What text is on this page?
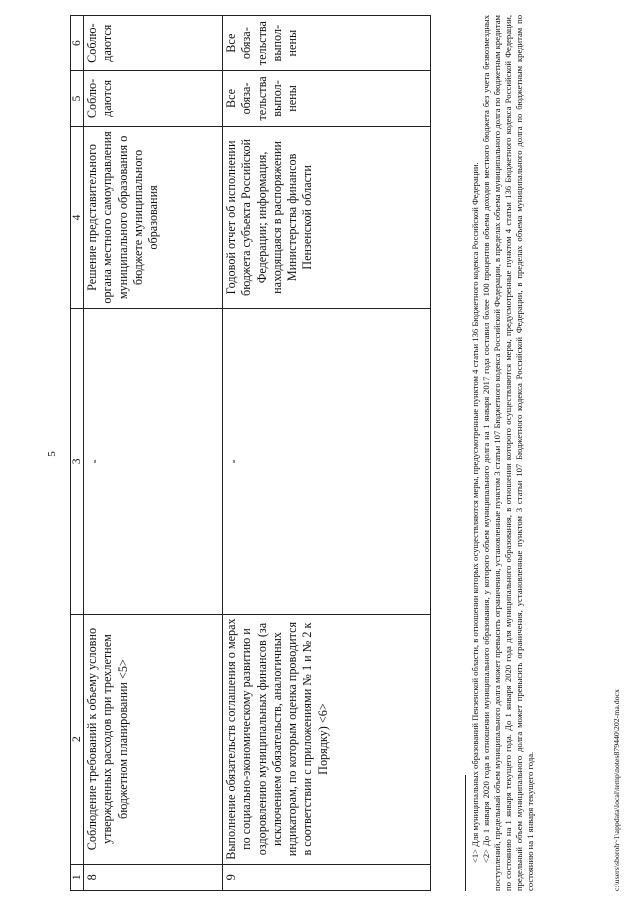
5
1	2	3	4	5	6
8	Соблюдение требований к объему условно утвержденных расходов при трехлетнем бюджетном планировании <5>	-	Решение представительного органа местного самоуправления муниципального образования о бюджете муниципального образования	Соблю-даются	Соблю-даются
9	Выполнение обязательств соглашения о мерах по социально-экономическому развитию и оздоровлению муниципальных финансов (за исключением обязательств, аналогичных индикаторам, по которым оценка проводится в соответствии с приложениями № 1 и № 2 к Порядку) <6>	-	Годовой отчет об исполнении бюджета субъекта Российской Федерации; информация, находящаяся в распоряжении Министерства финансов Пензенской области	Все обяза-тельства выпол-нены	Все обяза-тельства выпол-нены

<1> Для муниципальных образований Пензенской области, в отношении которых осуществляются меры, предусмотренные пунктом 4 статьи 136 Бюджетного кодекса Российской Федерации. <2> До 1 января 2020 года в отношении муниципального образования, у которого объем муниципального долга на 1 января 2017 года составил более 100 процентов объема доходов местного бюджета без учета безвозмездных поступлений, предельный объем муниципального долга может превысить ограничения, установленные пунктом 3 статьи 107 Бюджетного кодекса Российской Федерации, в пределах объема муниципального долга по бюджетным кредитам по состоянию на 1 января текущего года. До 1 января 2020 года для муниципального образования, в отношении которого осуществляются меры, предусмотренные пунктом 4 статьи 136 Бюджетного кодекса Российской Федерации, предельный объем муниципального долга может превысить ограничения, установленные пунктом 3 статьи 107 Бюджетного кодекса Российской Федерации, в пределах объема муниципального долга по бюджетным кредитам по состоянию на 1 января текущего года.	c:\users\sboroh~1\appdata\local\temp\notes879440\202-ma.docx
